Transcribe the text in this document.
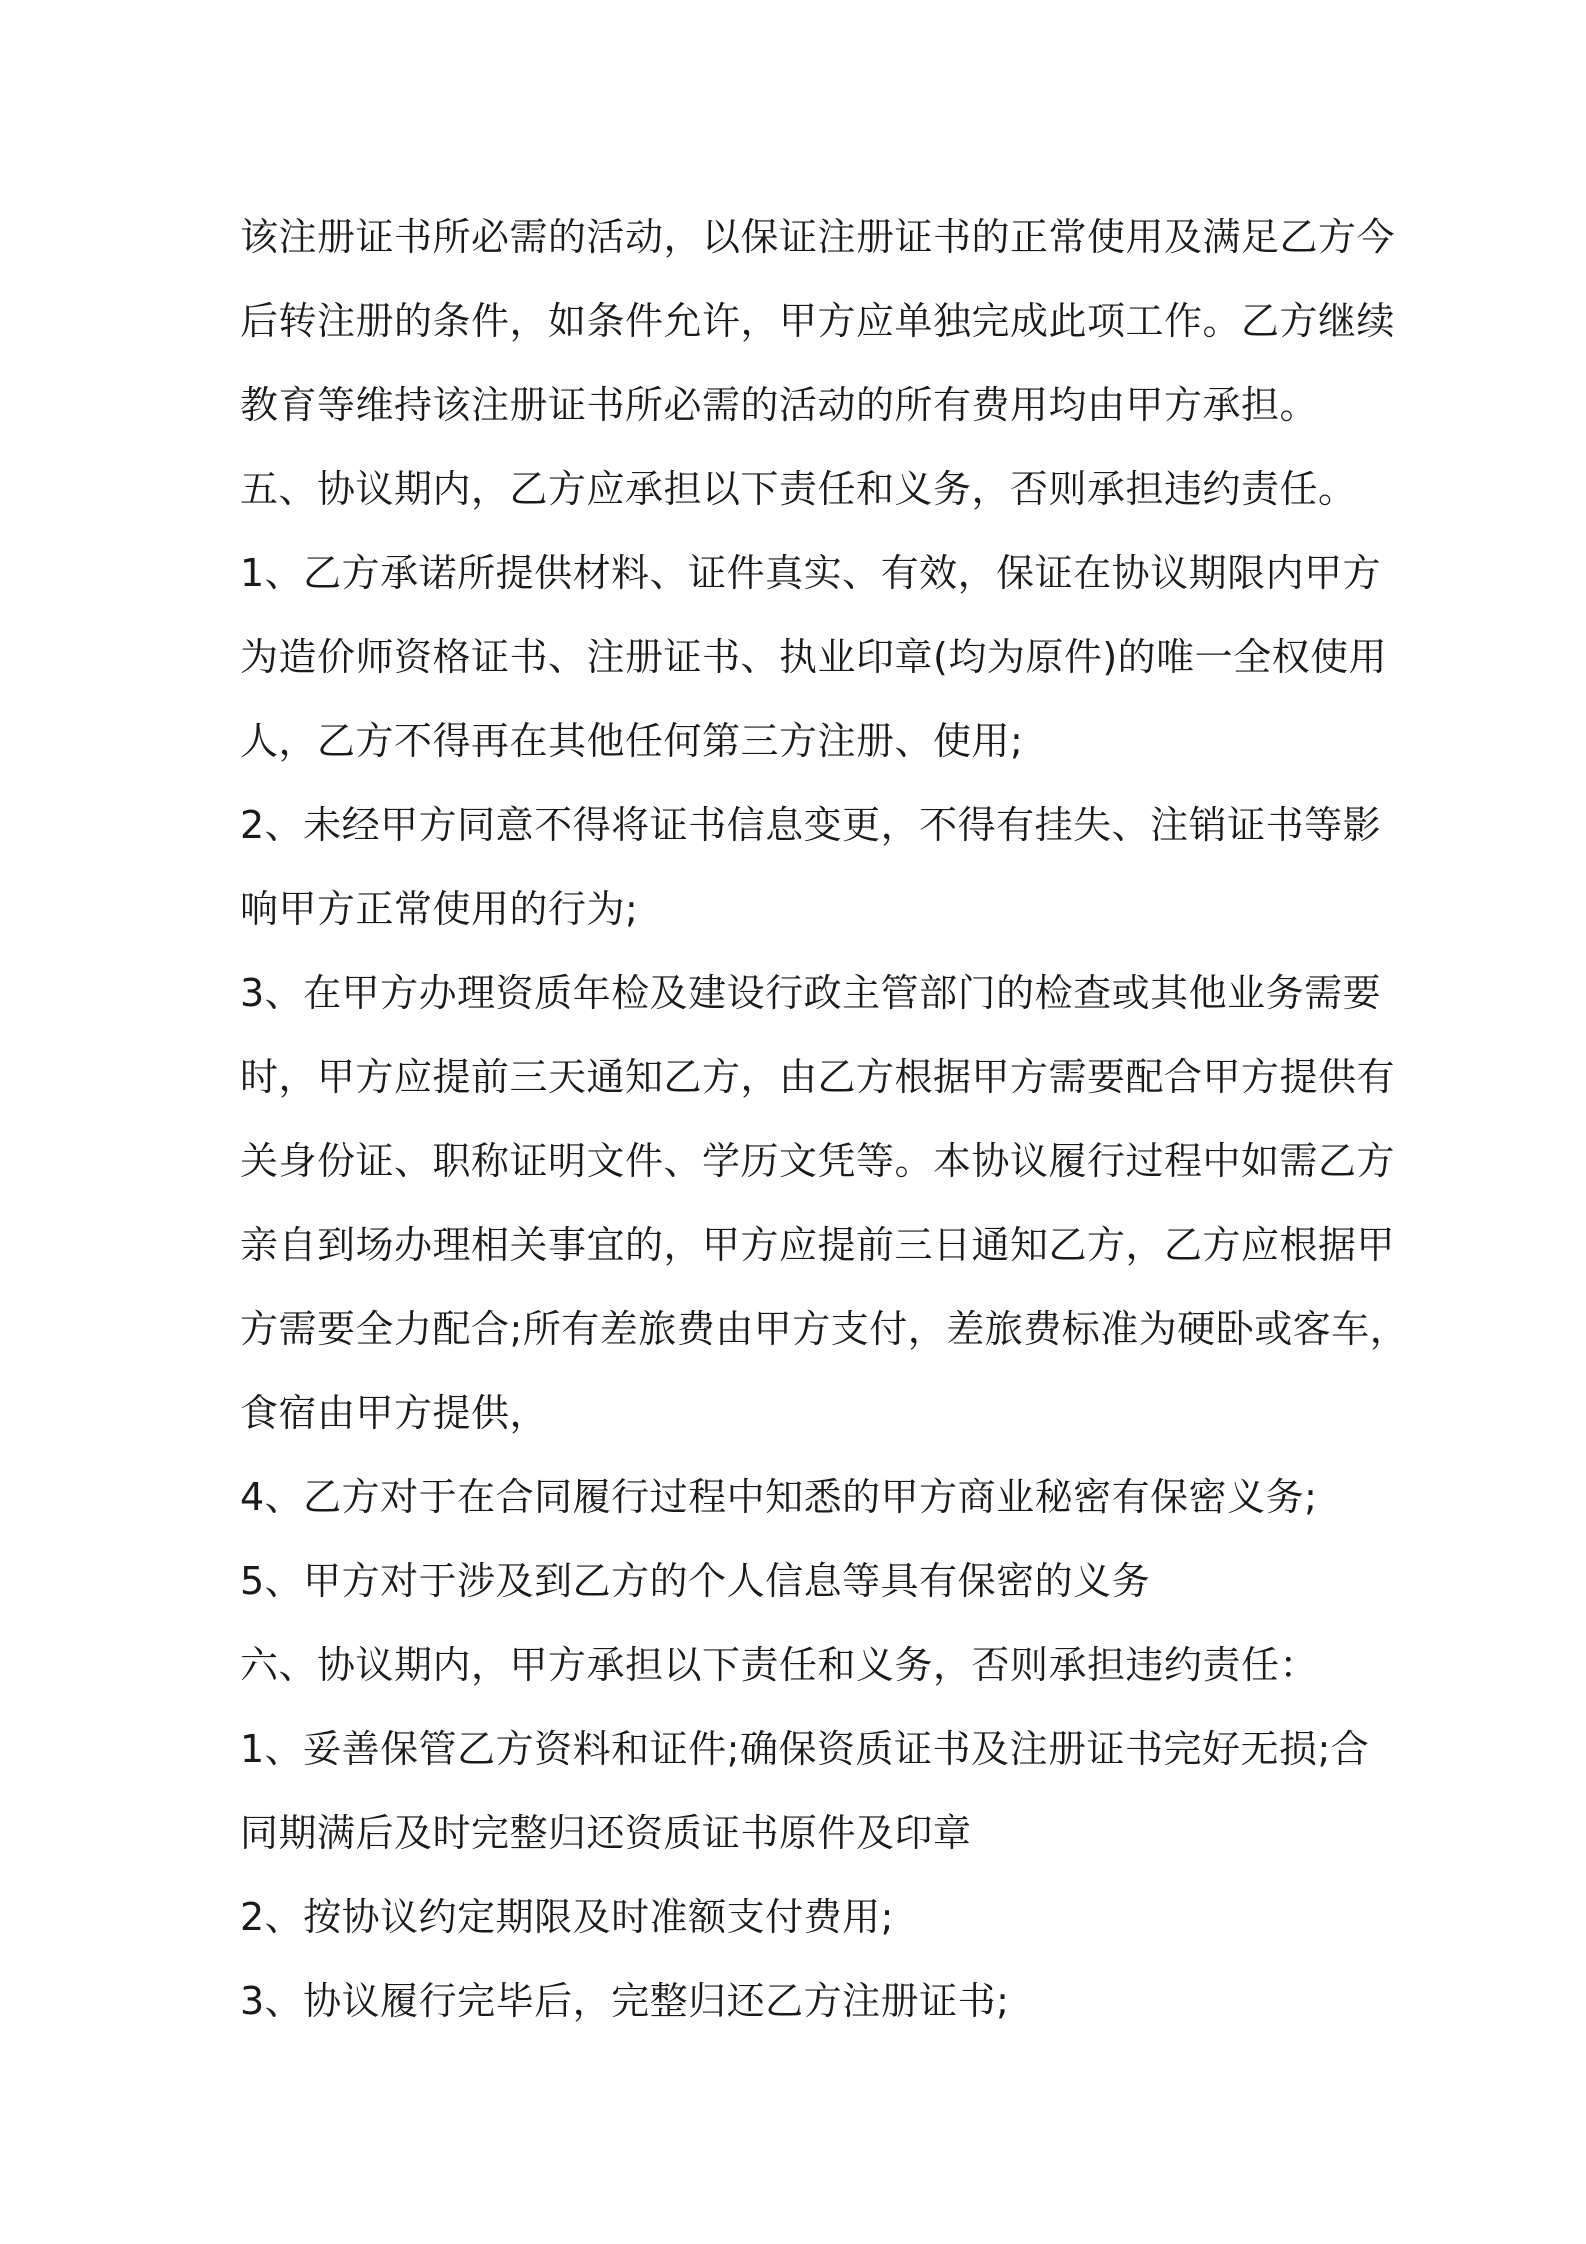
该注册证书所必需的活动，以保证注册证书的正常使用及满足乙方今
后转注册的条件，如条件允许，甲方应单独完成此项工作。乙方继续
教育等维持该注册证书所必需的活动的所有费用均由甲方承担。
五、协议期内，乙方应承担以下责任和义务，否则承担违约责任。
1、乙方承诺所提供材料、证件真实、有效，保证在协议期限内甲方
为造价师资格证书、注册证书、执业印章(均为原件)的唯一全权使用
人，乙方不得再在其他任何第三方注册、使用;
2、未经甲方同意不得将证书信息变更，不得有挂失、注销证书等影
响甲方正常使用的行为;
3、在甲方办理资质年检及建设行政主管部门的检查或其他业务需要
时，甲方应提前三天通知乙方，由乙方根据甲方需要配合甲方提供有
关身份证、职称证明文件、学历文凭等。本协议履行过程中如需乙方
亲自到场办理相关事宜的，甲方应提前三日通知乙方，乙方应根据甲
方需要全力配合;所有差旅费由甲方支付，差旅费标准为硬卧或客车，
食宿由甲方提供，
4、乙方对于在合同履行过程中知悉的甲方商业秘密有保密义务;
5、甲方对于涉及到乙方的个人信息等具有保密的义务
六、协议期内，甲方承担以下责任和义务，否则承担违约责任：
1、妥善保管乙方资料和证件;确保资质证书及注册证书完好无损;合
同期满后及时完整归还资质证书原件及印章
2、按协议约定期限及时准额支付费用;
3、协议履行完毕后，完整归还乙方注册证书;
